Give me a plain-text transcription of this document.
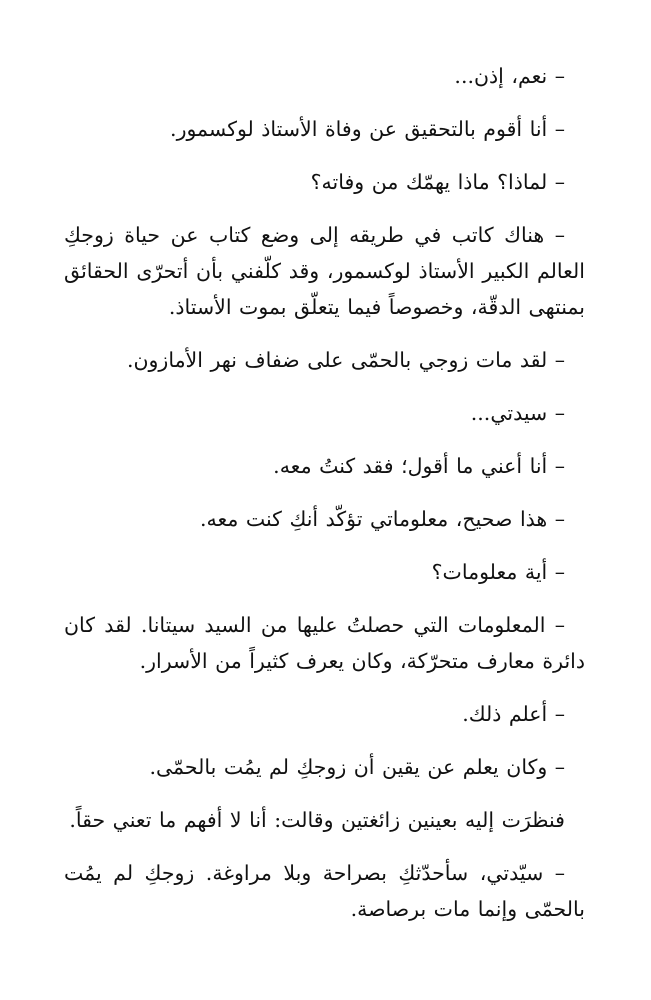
– نعم، إذن...

– أنا أقوم بالتحقيق عن وفاة الأستاذ لوكسمور.

– لماذا؟ ماذا يهمّك من وفاته؟

– هناك كاتب في طريقه إلى وضع كتاب عن حياة زوجكِ العالم الكبير الأستاذ لوكسمور، وقد كلّفني بأن أتحرّى الحقائق بمنتهى الدقّة، وخصوصاً فيما يتعلّق بموت الأستاذ.

– لقد مات زوجي بالحمّى على ضفاف نهر الأمازون.

– سيدتي...

– أنا أعني ما أقول؛ فقد كنتُ معه.

– هذا صحيح، معلوماتي تؤكّد أنكِ كنت معه.

– أية معلومات؟

– المعلومات التي حصلتُ عليها من السيد سيتانا. لقد كان دائرة معارف متحرّكة، وكان يعرف كثيراً من الأسرار.

– أعلم ذلك.

– وكان يعلم عن يقين أن زوجكِ لم يمُت بالحمّى.

فنظرَت إليه بعينين زائغتين وقالت: أنا لا أفهم ما تعني حقاً.

– سيّدتي، سأحدّثكِ بصراحة وبلا مراوغة. زوجكِ لم يمُت بالحمّى وإنما مات برصاصة.
